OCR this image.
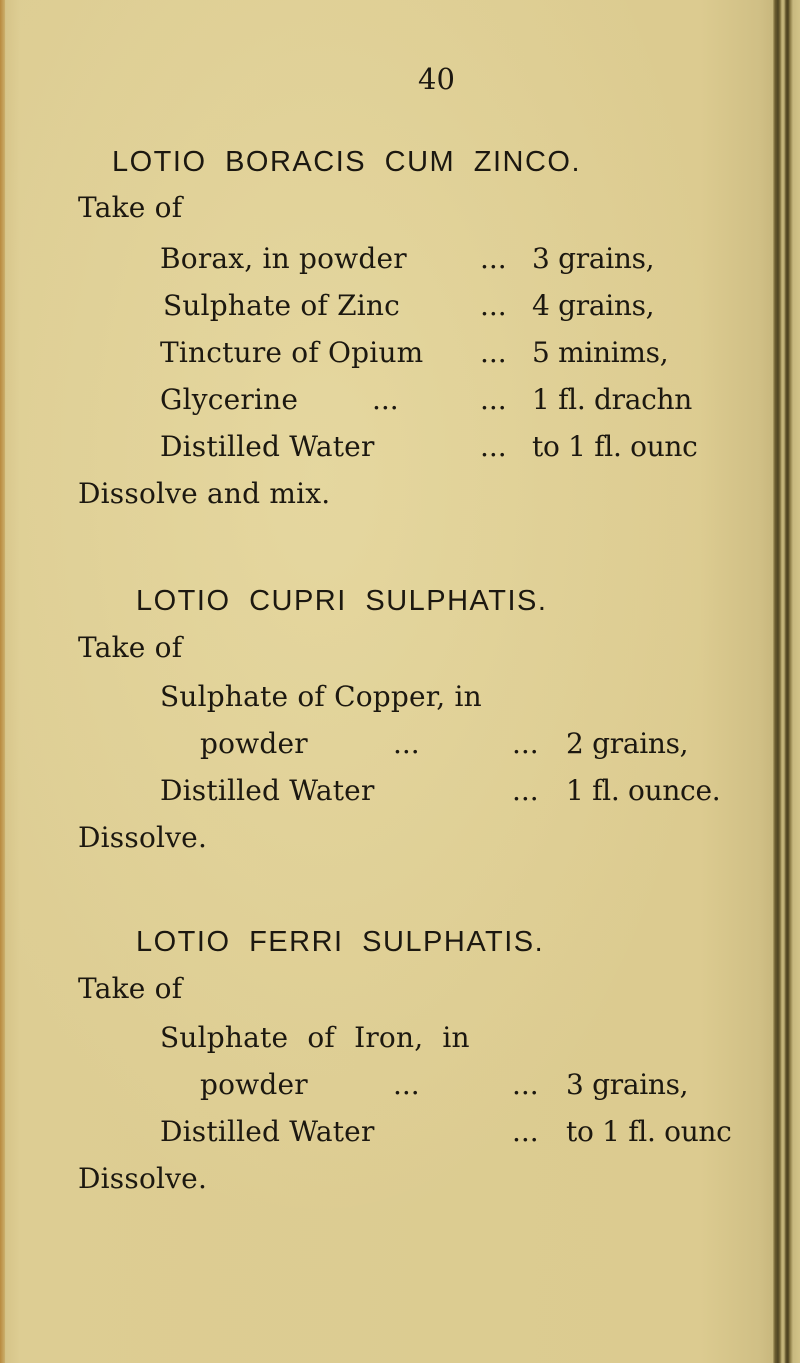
40
LOTIO BORACIS CUM ZINCO.
Take of
Borax, in powder	... 3 grains,
Sulphate of Zinc	... 4 grains,
Tincture of Opium ... 5 minims,
Glycerine	...	... 1 fl. drachn
Distilled Water	... to 1 fl. ounc
Dissolve and mix.
LOTIO CUPRI SULPHATIS.
Take of
Sulphate of Copper, in
powder	...	... 2 grains,
Distilled Water	... 1 fl. ounce.
Dissolve.
LOTIO FERRI SULPHATIS.
Take of
Sulphate of Iron, in
powder	...	... 3 grains,
Distilled Water	... to 1 fl. ounc
Dissolve.
